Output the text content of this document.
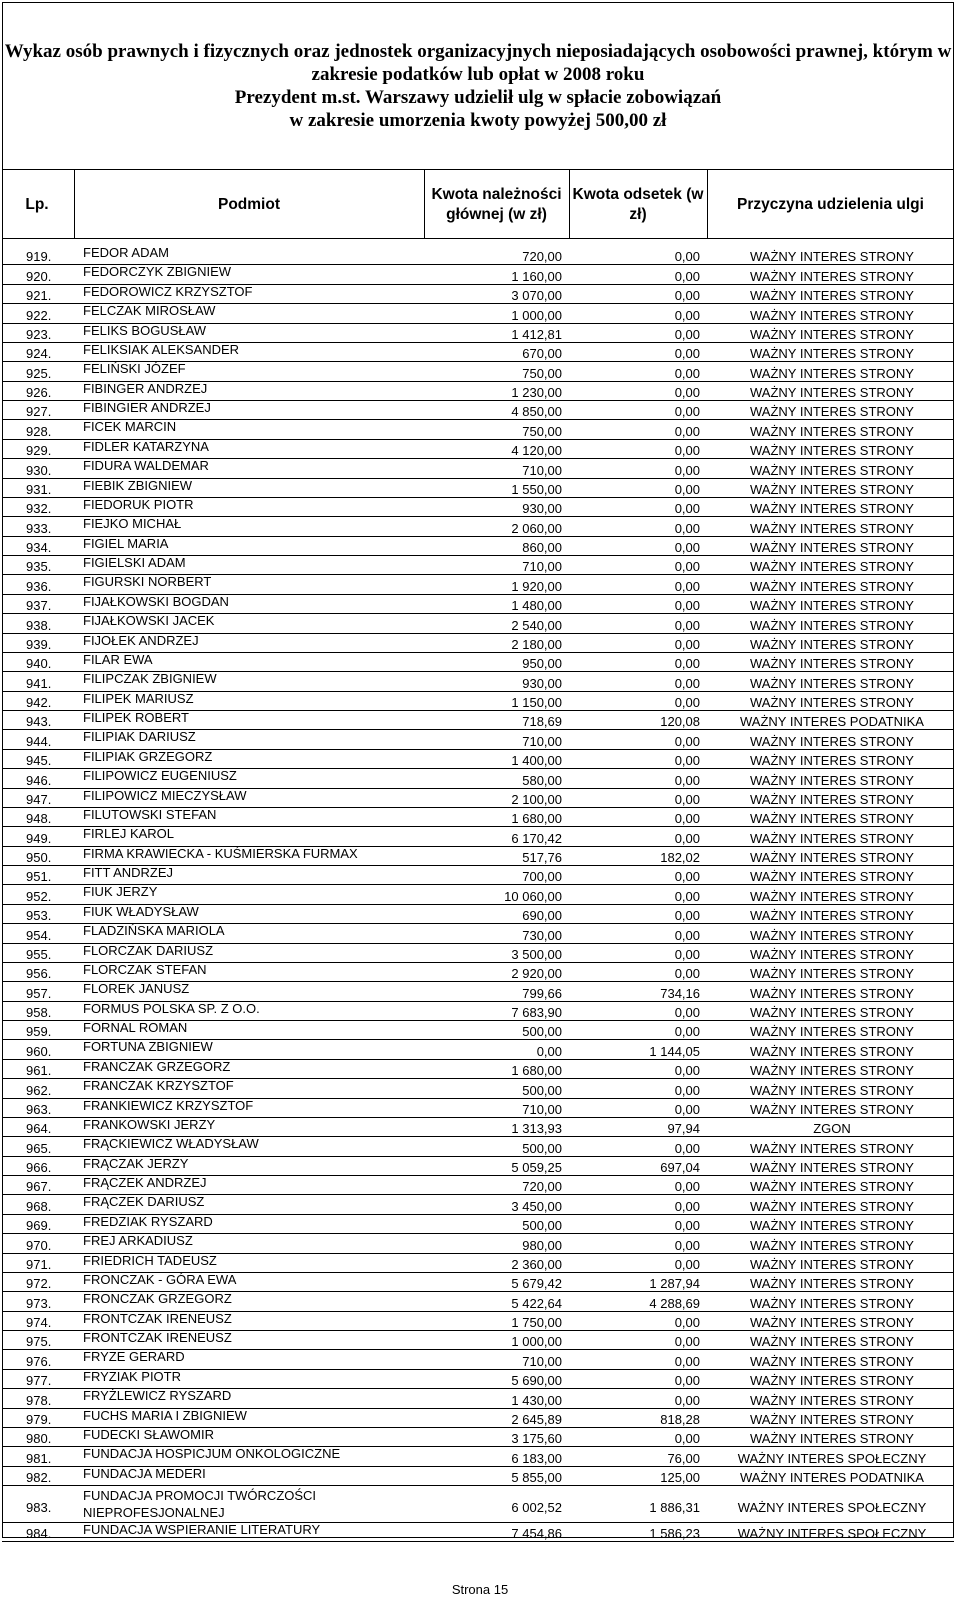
Wykaz osób prawnych i fizycznych oraz jednostek organizacyjnych nieposiadających osobowości prawnej, którym w
zakresie podatków lub opłat w 2008 roku
Prezydent m.st. Warszawy udzielił ulg w spłacie zobowiązań
w zakresie umorzenia kwoty powyżej 500,00 zł
Lp.	Podmiot
Kwota należności
głównej (w zł)
Kwota odsetek (w
zł)
Przyczyna udzielenia ulgi
919. FEDOR ADAM	720,00	0,00	WAŻNY INTERES STRONY
920. FEDORCZYK ZBIGNIEW	1 160,00	0,00	WAŻNY INTERES STRONY
921. FEDOROWICZ KRZYSZTOF	3 070,00	0,00	WAŻNY INTERES STRONY
922. FELCZAK MIROSŁAW	1 000,00	0,00	WAŻNY INTERES STRONY
923. FELIKS BOGUSŁAW	1 412,81	0,00	WAŻNY INTERES STRONY
924. FELIKSIAK ALEKSANDER	670,00	0,00	WAŻNY INTERES STRONY
925. FELIŃSKI JÓZEF	750,00	0,00	WAŻNY INTERES STRONY
926. FIBINGER ANDRZEJ	1 230,00	0,00	WAŻNY INTERES STRONY
927. FIBINGIER ANDRZEJ	4 850,00	0,00	WAŻNY INTERES STRONY
928. FICEK MARCIN	750,00	0,00	WAŻNY INTERES STRONY
929. FIDLER KATARZYNA	4 120,00	0,00	WAŻNY INTERES STRONY
930. FIDURA WALDEMAR	710,00	0,00	WAŻNY INTERES STRONY
931. FIEBIK ZBIGNIEW	1 550,00	0,00	WAŻNY INTERES STRONY
932. FIEDORUK PIOTR	930,00	0,00	WAŻNY INTERES STRONY
933. FIEJKO MICHAŁ	2 060,00	0,00	WAŻNY INTERES STRONY
934. FIGIEL MARIA	860,00	0,00	WAŻNY INTERES STRONY
935. FIGIELSKI ADAM	710,00	0,00	WAŻNY INTERES STRONY
936. FIGURSKI NORBERT	1 920,00	0,00	WAŻNY INTERES STRONY
937. FIJAŁKOWSKI BOGDAN	1 480,00	0,00	WAŻNY INTERES STRONY
938. FIJAŁKOWSKI JACEK	2 540,00	0,00	WAŻNY INTERES STRONY
939. FIJOŁEK ANDRZEJ	2 180,00	0,00	WAŻNY INTERES STRONY
940. FILAR EWA	950,00	0,00	WAŻNY INTERES STRONY
941. FILIPCZAK ZBIGNIEW	930,00	0,00	WAŻNY INTERES STRONY
942. FILIPEK MARIUSZ	1 150,00	0,00	WAŻNY INTERES STRONY
943. FILIPEK ROBERT	718,69	120,08	WAŻNY INTERES PODATNIKA
944. FILIPIAK DARIUSZ	710,00	0,00	WAŻNY INTERES STRONY
945. FILIPIAK GRZEGORZ	1 400,00	0,00	WAŻNY INTERES STRONY
946. FILIPOWICZ EUGENIUSZ	580,00	0,00	WAŻNY INTERES STRONY
947. FILIPOWICZ MIECZYSŁAW	2 100,00	0,00	WAŻNY INTERES STRONY
948. FILUTOWSKI STEFAN	1 680,00	0,00	WAŻNY INTERES STRONY
949. FIRLEJ KAROL	6 170,42	0,00	WAŻNY INTERES STRONY
950. FIRMA KRAWIECKA - KUŚMIERSKA FURMAX	517,76	182,02	WAŻNY INTERES STRONY
951. FITT ANDRZEJ	700,00	0,00	WAŻNY INTERES STRONY
952. FIUK JERZY	10 060,00	0,00	WAŻNY INTERES STRONY
953. FIUK WŁADYSŁAW	690,00	0,00	WAŻNY INTERES STRONY
954. FLADZIŃSKA MARIOLA	730,00	0,00	WAŻNY INTERES STRONY
955. FLORCZAK DARIUSZ	3 500,00	0,00	WAŻNY INTERES STRONY
956. FLORCZAK STEFAN	2 920,00	0,00	WAŻNY INTERES STRONY
957. FLOREK JANUSZ	799,66	734,16	WAŻNY INTERES STRONY
958. FORMUS POLSKA SP. Z O.O.	7 683,90	0,00	WAŻNY INTERES STRONY
959. FORNAL ROMAN	500,00	0,00	WAŻNY INTERES STRONY
960. FORTUNA ZBIGNIEW	0,00	1 144,05	WAŻNY INTERES STRONY
961. FRANCZAK GRZEGORZ	1 680,00	0,00	WAŻNY INTERES STRONY
962. FRANCZAK KRZYSZTOF	500,00	0,00	WAŻNY INTERES STRONY
963. FRANKIEWICZ KRZYSZTOF	710,00	0,00	WAŻNY INTERES STRONY
964. FRANKOWSKI JERZY	1 313,93	97,94	ZGON
965. FRĄCKIEWICZ WŁADYSŁAW	500,00	0,00	WAŻNY INTERES STRONY
966. FRĄCZAK JERZY	5 059,25	697,04	WAŻNY INTERES STRONY
967. FRĄCZEK ANDRZEJ	720,00	0,00	WAŻNY INTERES STRONY
968. FRĄCZEK DARIUSZ	3 450,00	0,00	WAŻNY INTERES STRONY
969. FREDZIAK RYSZARD	500,00	0,00	WAŻNY INTERES STRONY
970. FREJ ARKADIUSZ	980,00	0,00	WAŻNY INTERES STRONY
971. FRIEDRICH TADEUSZ	2 360,00	0,00	WAŻNY INTERES STRONY
972. FRONCZAK - GÓRA EWA	5 679,42	1 287,94	WAŻNY INTERES STRONY
973. FRONCZAK GRZEGORZ	5 422,64	4 288,69	WAŻNY INTERES STRONY
974. FRONTCZAK IRENEUSZ	1 750,00	0,00	WAŻNY INTERES STRONY
975. FRONTCZAK IRENEUSZ	1 000,00	0,00	WAŻNY INTERES STRONY
976. FRYZE GERARD	710,00	0,00	WAŻNY INTERES STRONY
977. FRYZIAK PIOTR	5 690,00	0,00	WAŻNY INTERES STRONY
978. FRYŻLEWICZ RYSZARD	1 430,00	0,00	WAŻNY INTERES STRONY
979. FUCHS MARIA I ZBIGNIEW	2 645,89	818,28	WAŻNY INTERES STRONY
980. FUDECKI SŁAWOMIR	3 175,60	0,00	WAŻNY INTERES STRONY
981. FUNDACJA HOSPICJUM ONKOLOGICZNE	6 183,00	76,00	WAŻNY INTERES SPOŁECZNY
982. FUNDACJA MEDERI	5 855,00	125,00	WAŻNY INTERES PODATNIKA
983.
FUNDACJA PROMOCJI TWÓRCZOŚCI NIEPROFESJONALNEJ	6 002,52	1 886,31	WAŻNY INTERES SPOŁECZNY
984. FUNDACJA WSPIERANIE LITERATURY	7 454,86	1 586,23	WAŻNY INTERES SPOŁECZNY
Strona 15
